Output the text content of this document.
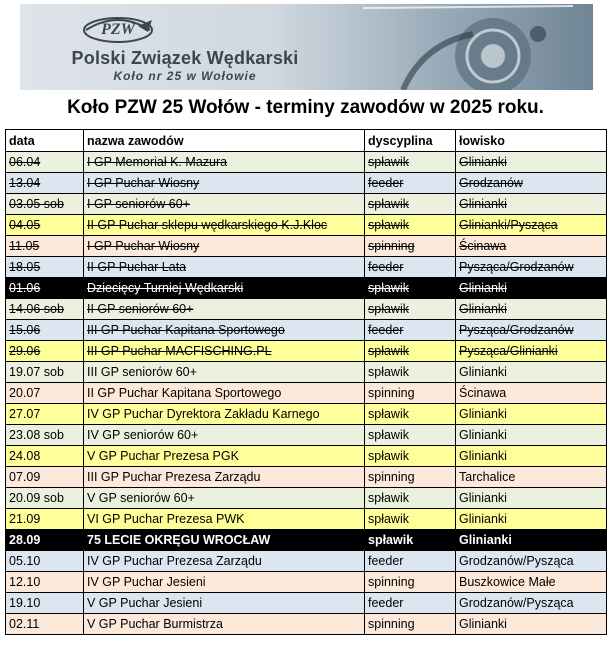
PZW
Polski Związek Wędkarski
Koło nr 25 w Wołowie
Koło PZW 25 Wołów - terminy zawodów w 2025 roku.
data	nazwa zawodów	dyscyplina	łowisko
06.04	I GP Memoriał K. Mazura	spławik	Glinianki
13.04	I GP Puchar Wiosny	feeder	Grodzanów
03.05 sob	I GP seniorów 60+	spławik	Glinianki
04.05	II GP Puchar sklepu wędkarskiego K.J.Kloc	spławik	Glinianki/Pysząca
11.05	I GP Puchar Wiosny	spinning	Ścinawa
18.05	II GP Puchar Lata	feeder	Pysząca/Grodzanów
01.06	Dziecięcy Turniej Wędkarski	spławik	Glinianki
14.06 sob	II GP seniorów 60+	spławik	Glinianki
15.06	III GP Puchar Kapitana Sportowego	feeder	Pysząca/Grodzanów
29.06	III GP Puchar MACFISCHING.PL	spławik	Pysząca/Glinianki
19.07 sob	III GP seniorów 60+	spławik	Glinianki
20.07	II GP Puchar Kapitana Sportowego	spinning	Ścinawa
27.07	IV GP Puchar Dyrektora Zakładu Karnego	spławik	Glinianki
23.08 sob	IV GP seniorów 60+	spławik	Glinianki
24.08	V GP Puchar Prezesa PGK	spławik	Glinianki
07.09	III GP Puchar Prezesa Zarządu	spinning	Tarchalice
20.09 sob	V GP seniorów 60+	spławik	Glinianki
21.09	VI GP Puchar Prezesa PWK	spławik	Glinianki
28.09	75 LECIE OKRĘGU WROCŁAW	spławik	Glinianki
05.10	IV GP Puchar Prezesa Zarządu	feeder	Grodzanów/Pysząca
12.10	IV GP Puchar Jesieni	spinning	Buszkowice Małe
19.10	V GP Puchar Jesieni	feeder	Grodzanów/Pysząca
02.11	V GP Puchar Burmistrza	spinning	Glinianki
